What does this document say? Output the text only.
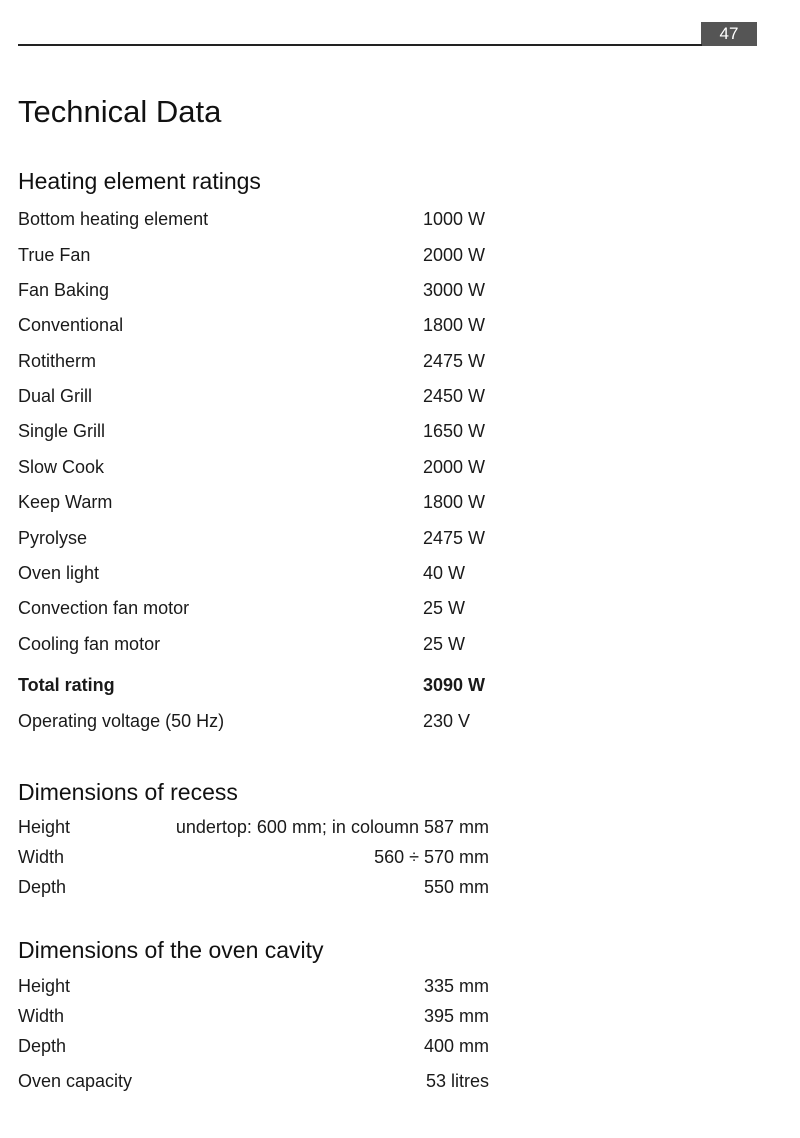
47
Technical Data
Heating element ratings
Bottom heating element	1000 W
True Fan	2000 W
Fan Baking	3000 W
Conventional	1800 W
Rotitherm	2475 W
Dual Grill	2450 W
Single Grill	1650 W
Slow Cook	2000 W
Keep Warm	1800 W
Pyrolyse	2475 W
Oven light	40 W
Convection fan motor	25 W
Cooling fan motor	25 W
Total rating	3090 W
Operating voltage (50 Hz)	230 V
Dimensions of recess
Height	undertop: 600 mm; in coloumn 587 mm
Width	560 ÷ 570 mm
Depth	550 mm
Dimensions of the oven cavity
Height	335 mm
Width	395 mm
Depth	400 mm
Oven capacity	53 litres
